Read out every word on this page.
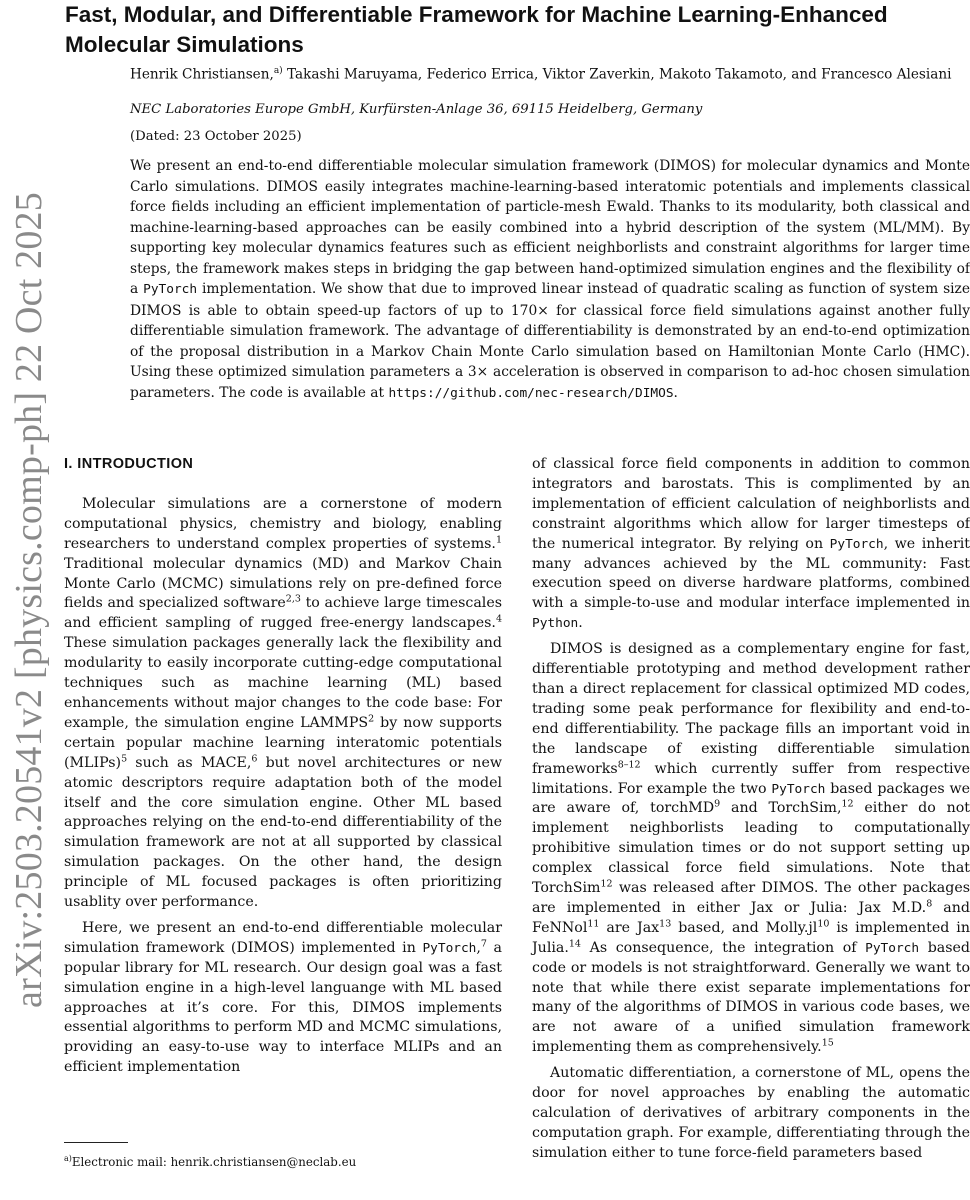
arXiv:2503.20541v2 [physics.comp-ph] 22 Oct 2025
Fast, Modular, and Differentiable Framework for Machine Learning-Enhanced Molecular Simulations
Henrik Christiansen,$^{a)}$ Takashi Maruyama, Federico Errica, Viktor Zaverkin, Makoto Takamoto, and Francesco Alesiani
NEC Laboratories Europe GmbH, Kurfürsten-Anlage 36, 69115 Heidelberg, Germany
(Dated: 23 October 2025)

We present an end-to-end differentiable molecular simulation framework (DIMOS) for molecular dynamics and Monte Carlo simulations. DIMOS easily integrates machine-learning-based interatomic potentials and implements classical force fields including an efficient implementation of particle-mesh Ewald. Thanks to its modularity, both classical and machine-learning-based approaches can be easily combined into a hybrid description of the system (ML/MM). By supporting key molecular dynamics features such as efficient neighborlists and constraint algorithms for larger time steps, the framework makes steps in bridging the gap between hand-optimized simulation engines and the flexibility of a PyTorch implementation. We show that due to improved linear instead of quadratic scaling as function of system size DIMOS is able to obtain speed-up factors of up to 170× for classical force field simulations against another fully differentiable simulation framework. The advantage of differentiability is demonstrated by an end-to-end optimization of the proposal distribution in a Markov Chain Monte Carlo simulation based on Hamiltonian Monte Carlo (HMC). Using these optimized simulation parameters a 3× acceleration is observed in comparison to ad-hoc chosen simulation parameters. The code is available at https://github.com/nec-research/DIMOS.

I. INTRODUCTION

Molecular simulations are a cornerstone of modern computational physics, chemistry and biology, enabling researchers to understand complex properties of systems.$^1$ Traditional molecular dynamics (MD) and Markov Chain Monte Carlo (MCMC) simulations rely on pre-defined force fields and specialized software$^{2,3}$ to achieve large timescales and efficient sampling of rugged free-energy landscapes.$^4$ These simulation packages generally lack the flexibility and modularity to easily incorporate cutting-edge computational techniques such as machine learning (ML) based enhancements without major changes to the code base: For example, the simulation engine LAMMPS$^2$ by now supports certain popular machine learning interatomic potentials (MLIPs)$^5$ such as MACE,$^6$ but novel architectures or new atomic descriptors require adaptation both of the model itself and the core simulation engine. Other ML based approaches relying on the end-to-end differentiability of the simulation framework are not at all supported by classical simulation packages. On the other hand, the design principle of ML focused packages is often prioritizing usablity over performance.

Here, we present an end-to-end differentiable molecular simulation framework (DIMOS) implemented in PyTorch,$^7$ a popular library for ML research. Our design goal was a fast simulation engine in a high-level languange with ML based approaches at it’s core. For this, DIMOS implements essential algorithms to perform MD and MCMC simulations, providing an easy-to-use way to interface MLIPs and an efficient implementation

of classical force field components in addition to common integrators and barostats. This is complimented by an implementation of efficient calculation of neighborlists and constraint algorithms which allow for larger timesteps of the numerical integrator. By relying on PyTorch, we inherit many advances achieved by the ML community: Fast execution speed on diverse hardware platforms, combined with a simple-to-use and modular interface implemented in Python.

DIMOS is designed as a complementary engine for fast, differentiable prototyping and method development rather than a direct replacement for classical optimized MD codes, trading some peak performance for flexibility and end-to-end differentiability. The package fills an important void in the landscape of existing differentiable simulation frameworks$^{8-12}$ which currently suffer from respective limitations. For example the two PyTorch based packages we are aware of, torchMD$^9$ and TorchSim,$^{12}$ either do not implement neighborlists leading to computationally prohibitive simulation times or do not support setting up complex classical force field simulations. Note that TorchSim$^{12}$ was released after DIMOS. The other packages are implemented in either Jax or Julia: Jax M.D.$^8$ and FeNNol$^{11}$ are Jax$^{13}$ based, and $Molly.jl^{10}$ is implemented in Julia.$^{14}$ As consequence, the integration of PyTorch based code or models is not straightforward. Generally we want to note that while there exist separate implementations for many of the algorithms of DIMOS in various code bases, we are not aware of a unified simulation framework implementing them as comprehensively.$^{15}$

Automatic differentiation, a cornerstone of ML, opens the door for novel approaches by enabling the automatic calculation of derivatives of arbitrary components in the computation graph. For example, differentiating through the simulation either to tune force-field parameters based

$^{a)}$Electronic mail: henrik.christiansen@neclab.eu
